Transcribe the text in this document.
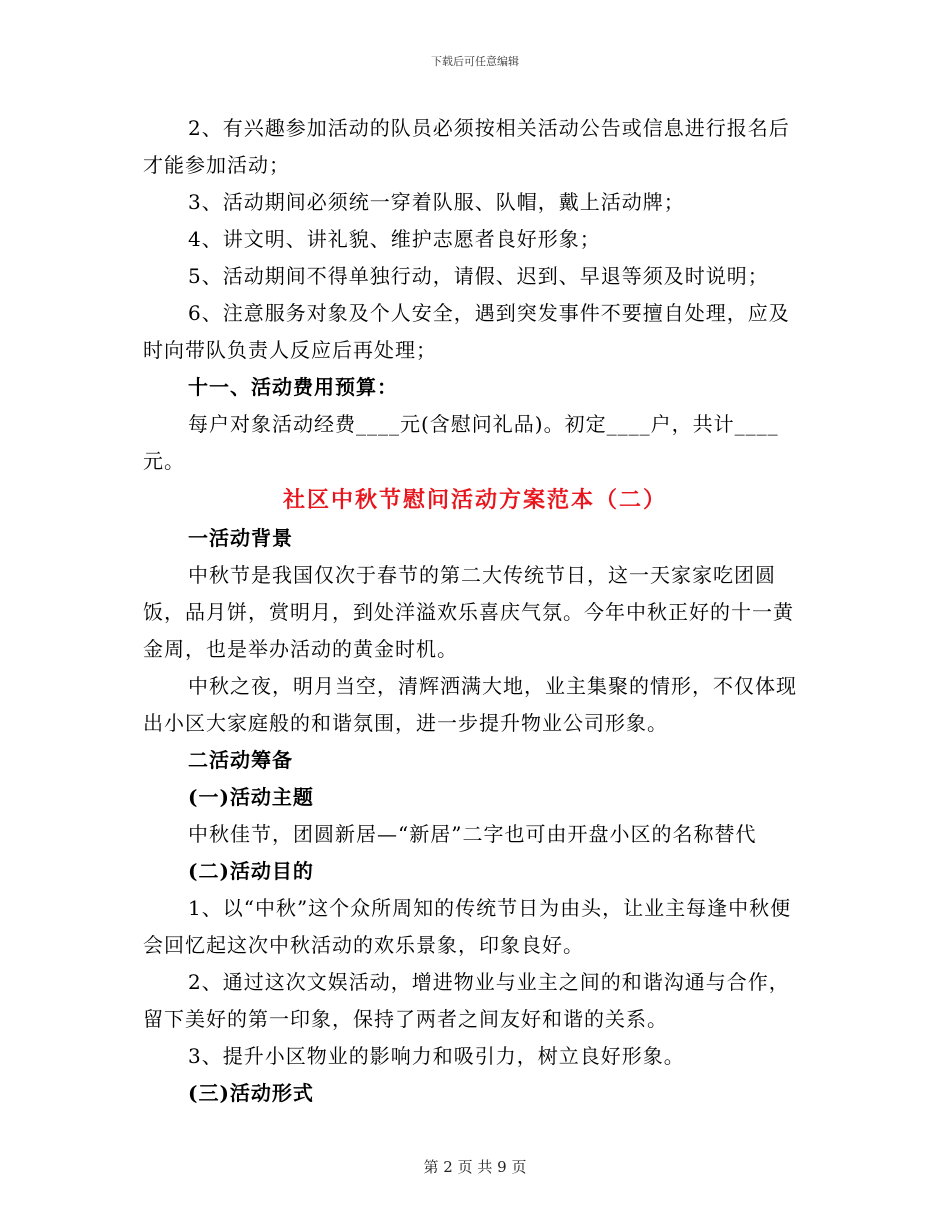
下载后可任意编辑

2、有兴趣参加活动的队员必须按相关活动公告或信息进行报名后才能参加活动；

3、活动期间必须统一穿着队服、队帽，戴上活动牌；

4、讲文明、讲礼貌、维护志愿者良好形象；

5、活动期间不得单独行动，请假、迟到、早退等须及时说明；

6、注意服务对象及个人安全，遇到突发事件不要擅自处理，应及时向带队负责人反应后再处理；

十一、活动费用预算：

每户对象活动经费____元(含慰问礼品)。初定____户，共计____元。

社区中秋节慰问活动方案范本（二）

一活动背景

中秋节是我国仅次于春节的第二大传统节日，这一天家家吃团圆饭，品月饼，赏明月，到处洋溢欢乐喜庆气氛。今年中秋正好的十一黄金周，也是举办活动的黄金时机。

中秋之夜，明月当空，清辉洒满大地，业主集聚的情形，不仅体现出小区大家庭般的和谐氛围，进一步提升物业公司形象。

二活动筹备

(一)活动主题

中秋佳节，团圆新居—“新居”二字也可由开盘小区的名称替代

(二)活动目的

1、以“中秋”这个众所周知的传统节日为由头，让业主每逢中秋便会回忆起这次中秋活动的欢乐景象，印象良好。

2、通过这次文娱活动，增进物业与业主之间的和谐沟通与合作，留下美好的第一印象，保持了两者之间友好和谐的关系。

3、提升小区物业的影响力和吸引力，树立良好形象。

(三)活动形式

第 2 页 共 9 页
